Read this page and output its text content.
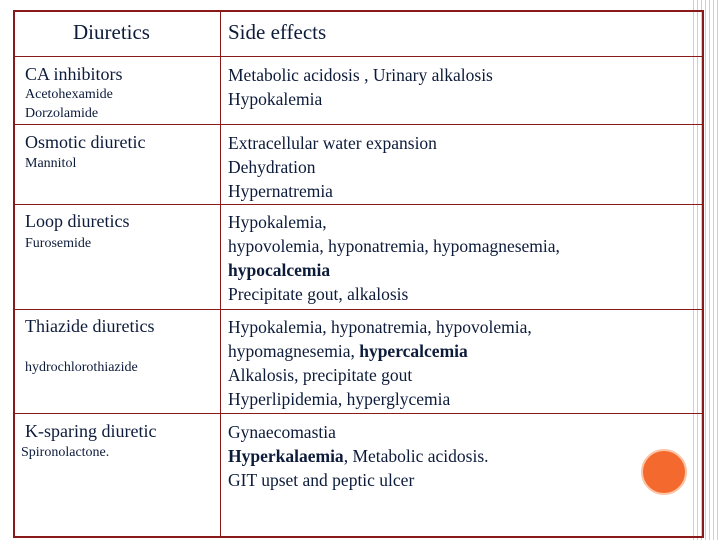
Diuretics	Side effects
CA inhibitors
Acetohexamide
Dorzolamide
Metabolic acidosis , Urinary alkalosis
Hypokalemia
Osmotic diuretic
Mannitol
Extracellular water expansion
Dehydration
Hypernatremia
Loop diuretics
Furosemide
Hypokalemia,
hypovolemia, hyponatremia, hypomagnesemia,
hypocalcemia
Precipitate gout, alkalosis
Thiazide diuretics
hydrochlorothiazide
Hypokalemia, hyponatremia, hypovolemia,
hypomagnesemia, hypercalcemia
Alkalosis, precipitate gout
Hyperlipidemia, hyperglycemia
K-sparing diuretic
Spironolactone.
Gynaecomastia
Hyperkalaemia, Metabolic acidosis.
GIT upset and peptic ulcer
